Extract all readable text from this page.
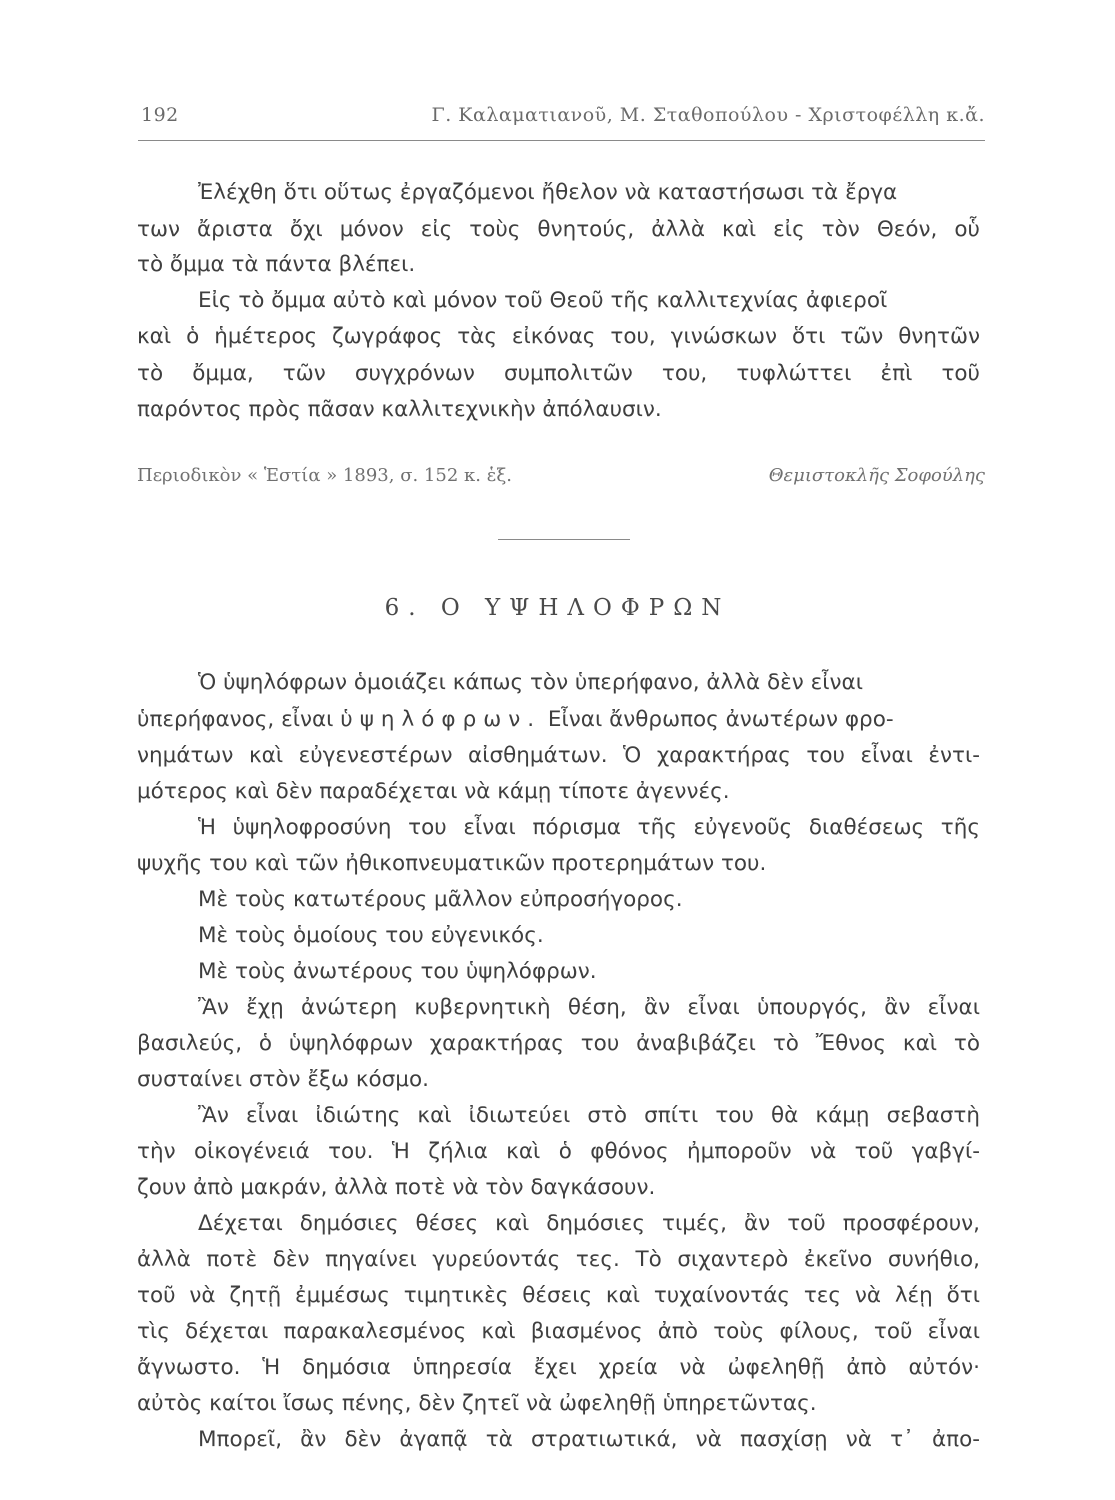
192	Γ. Καλαματιανοῦ, Μ. Σταθοπούλου - Χριστοφέλλη κ.ἄ.
Ἐλέχθη ὅτι οὕτως ἐργαζόμενοι ἤθελον νὰ καταστήσωσι τὰ ἔργα
των ἄριστα ὄχι μόνον εἰς τοὺς θνητούς, ἀλλὰ καὶ εἰς τὸν Θεόν, οὗ
τὸ ὄμμα τὰ πάντα βλέπει.
Εἰς τὸ ὄμμα αὐτὸ καὶ μόνον τοῦ Θεοῦ τῆς καλλιτεχνίας ἀφιεροῖ
καὶ ὁ ἡμέτερος ζωγράφος τὰς εἰκόνας του, γινώσκων ὅτι τῶν θνητῶν
τὸ ὄμμα, τῶν συγχρόνων συμπολιτῶν του, τυφλώττει ἐπὶ τοῦ
παρόντος πρὸς πᾶσαν καλλιτεχνικὴν ἀπόλαυσιν.
Περιοδικὸν « Ἑστία » 1893, σ. 152 κ. ἑξ.	Θεμιστοκλῆς Σοφούλης
6. Ο ΥΨΗΛΟΦΡΩΝ
Ὁ ὑψηλόφρων ὁμοιάζει κάπως τὸν ὑπερήφανο, ἀλλὰ δὲν εἶναι
ὑπερήφανος, εἶναι ὑψηλόφρων. Εἶναι ἄνθρωπος ἀνωτέρων φρο-
νημάτων καὶ εὐγενεστέρων αἰσθημάτων. Ὁ χαρακτήρας του εἶναι ἐντι-
μότερος καὶ δὲν παραδέχεται νὰ κάμῃ τίποτε ἀγεννές.
Ἡ ὑψηλοφροσύνη του εἶναι πόρισμα τῆς εὐγενοῦς διαθέσεως τῆς
ψυχῆς του καὶ τῶν ἠθικοπνευματικῶν προτερημάτων του.
Μὲ τοὺς κατωτέρους μᾶλλον εὐπροσήγορος.
Μὲ τοὺς ὁμοίους του εὐγενικός.
Μὲ τοὺς ἀνωτέρους του ὑψηλόφρων.
Ἂν ἔχῃ ἀνώτερη κυβερνητικὴ θέση, ἂν εἶναι ὑπουργός, ἂν εἶναι
βασιλεύς, ὁ ὑψηλόφρων χαρακτήρας του ἀναβιβάζει τὸ Ἔθνος καὶ τὸ
συσταίνει στὸν ἔξω κόσμο.
Ἂν εἶναι ἰδιώτης καὶ ἰδιωτεύει στὸ σπίτι του θὰ κάμῃ σεβαστὴ
τὴν οἰκογένειά του. Ἡ ζήλια καὶ ὁ φθόνος ἠμποροῦν νὰ τοῦ γαβγί-
ζουν ἀπὸ μακράν, ἀλλὰ ποτὲ νὰ τὸν δαγκάσουν.
Δέχεται δημόσιες θέσες καὶ δημόσιες τιμές, ἂν τοῦ προσφέρουν,
ἀλλὰ ποτὲ δὲν πηγαίνει γυρεύοντάς τες. Τὸ σιχαντερὸ ἐκεῖνο συνήθιο,
τοῦ νὰ ζητῇ ἐμμέσως τιμητικὲς θέσεις καὶ τυχαίνοντάς τες νὰ λέῃ ὅτι
τὶς δέχεται παρακαλεσμένος καὶ βιασμένος ἀπὸ τοὺς φίλους, τοῦ εἶναι
ἄγνωστο. Ἡ δημόσια ὑπηρεσία ἔχει χρεία νὰ ὠφεληθῇ ἀπὸ αὐτόν·
αὐτὸς καίτοι ἴσως πένης, δὲν ζητεῖ νὰ ὠφεληθῇ ὑπηρετῶντας.
Μπορεῖ, ἂν δὲν ἀγαπᾷ τὰ στρατιωτικά, νὰ πασχίσῃ νὰ τ᾽ ἀπο-
